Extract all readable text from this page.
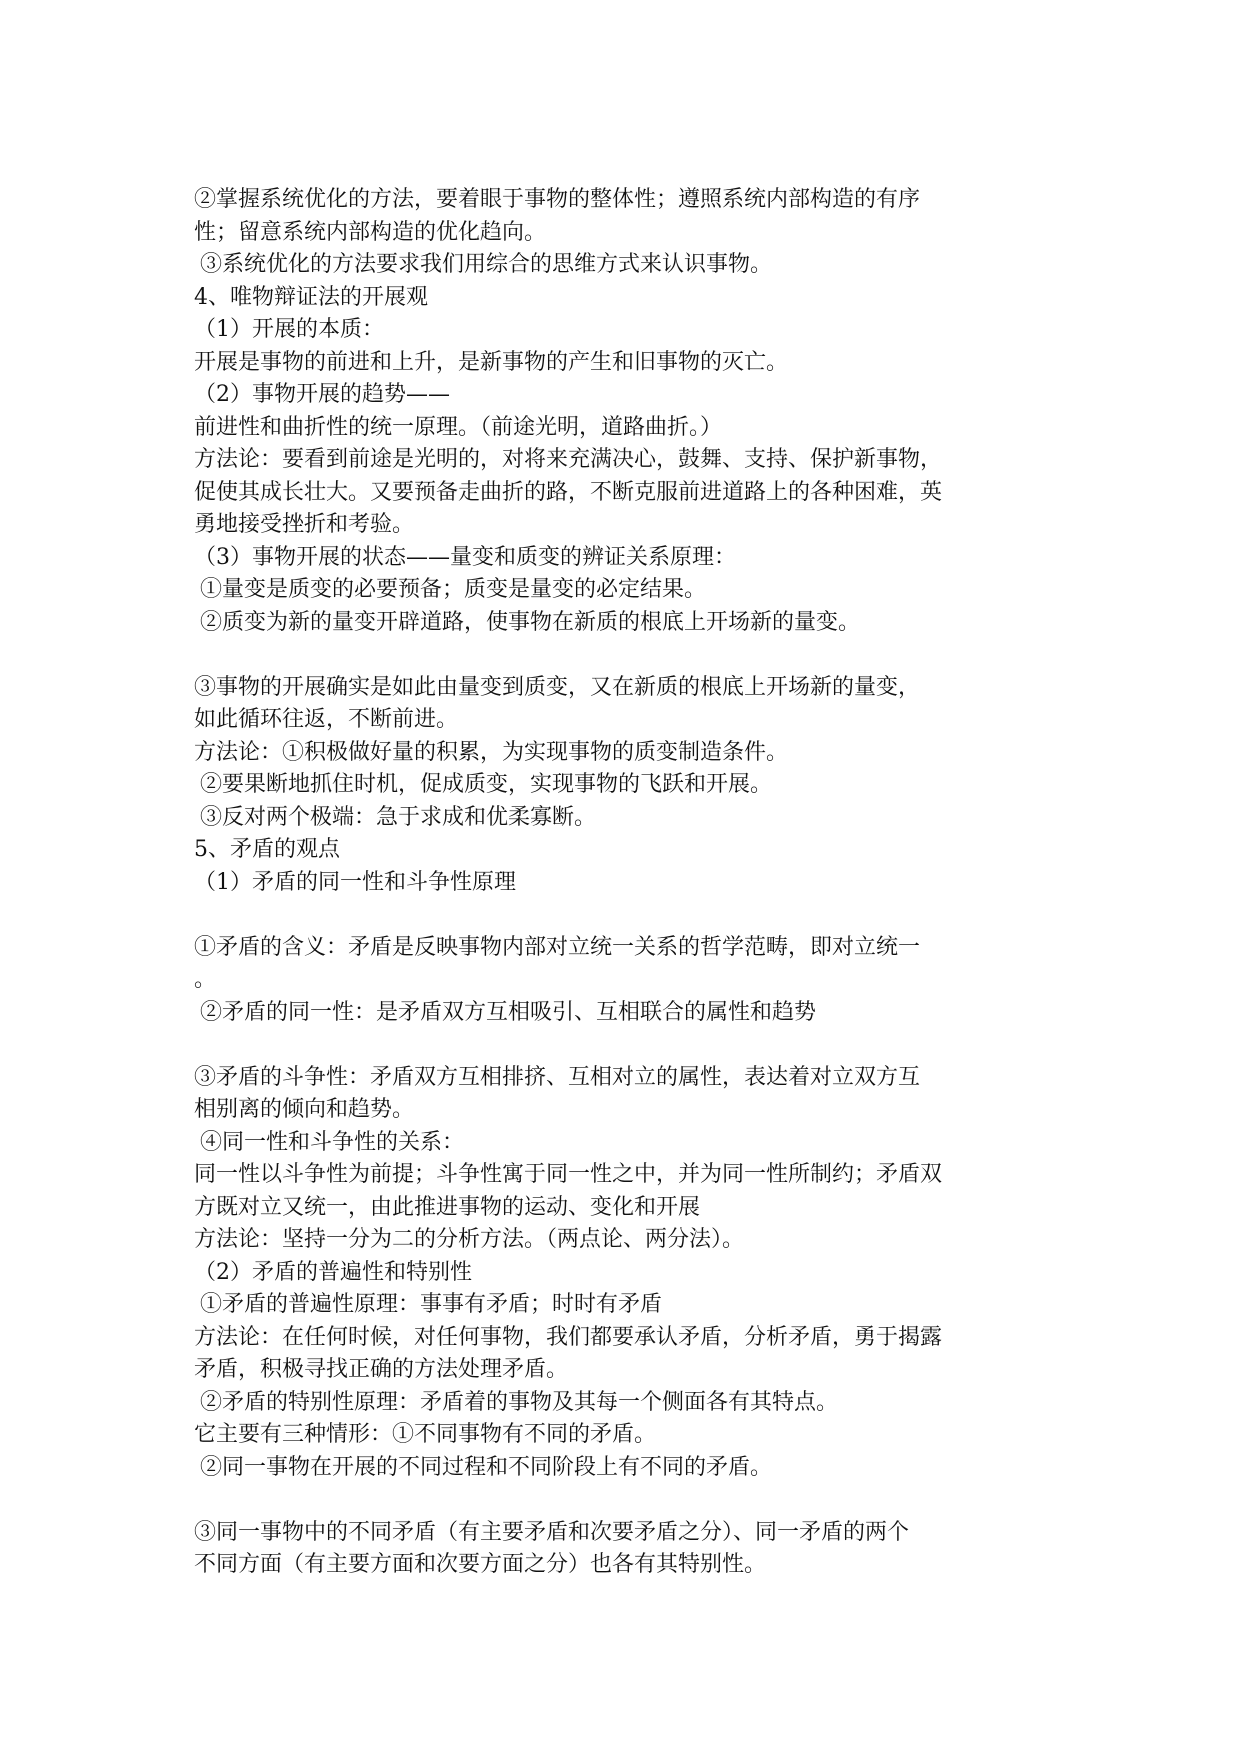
②掌握系统优化的方法，要着眼于事物的整体性；遵照系统内部构造的有序
性；留意系统内部构造的优化趋向。
③系统优化的方法要求我们用综合的思维方式来认识事物。
4、唯物辩证法的开展观
（1）开展的本质：
开展是事物的前进和上升，是新事物的产生和旧事物的灭亡。
（2）事物开展的趋势——
前进性和曲折性的统一原理。（前途光明，道路曲折。）
方法论：要看到前途是光明的，对将来充满决心，鼓舞、支持、保护新事物，
促使其成长壮大。又要预备走曲折的路，不断克服前进道路上的各种困难，英
勇地接受挫折和考验。
（3）事物开展的状态——量变和质变的辨证关系原理：
①量变是质变的必要预备；质变是量变的必定结果。
②质变为新的量变开辟道路，使事物在新质的根底上开场新的量变。
③事物的开展确实是如此由量变到质变，又在新质的根底上开场新的量变，
如此循环往返，不断前进。
方法论：①积极做好量的积累，为实现事物的质变制造条件。
②要果断地抓住时机，促成质变，实现事物的飞跃和开展。
③反对两个极端：急于求成和优柔寡断。
5、矛盾的观点
（1）矛盾的同一性和斗争性原理
①矛盾的含义：矛盾是反映事物内部对立统一关系的哲学范畴，即对立统一
。
②矛盾的同一性：是矛盾双方互相吸引、互相联合的属性和趋势
③矛盾的斗争性：矛盾双方互相排挤、互相对立的属性，表达着对立双方互
相别离的倾向和趋势。
④同一性和斗争性的关系：
同一性以斗争性为前提；斗争性寓于同一性之中，并为同一性所制约；矛盾双
方既对立又统一，由此推进事物的运动、变化和开展
方法论：坚持一分为二的分析方法。（两点论、两分法）。
（2）矛盾的普遍性和特别性
①矛盾的普遍性原理：事事有矛盾；时时有矛盾
方法论：在任何时候，对任何事物，我们都要承认矛盾，分析矛盾，勇于揭露
矛盾，积极寻找正确的方法处理矛盾。
②矛盾的特别性原理：矛盾着的事物及其每一个侧面各有其特点。
它主要有三种情形：①不同事物有不同的矛盾。
②同一事物在开展的不同过程和不同阶段上有不同的矛盾。
③同一事物中的不同矛盾（有主要矛盾和次要矛盾之分）、同一矛盾的两个
不同方面（有主要方面和次要方面之分）也各有其特别性。
